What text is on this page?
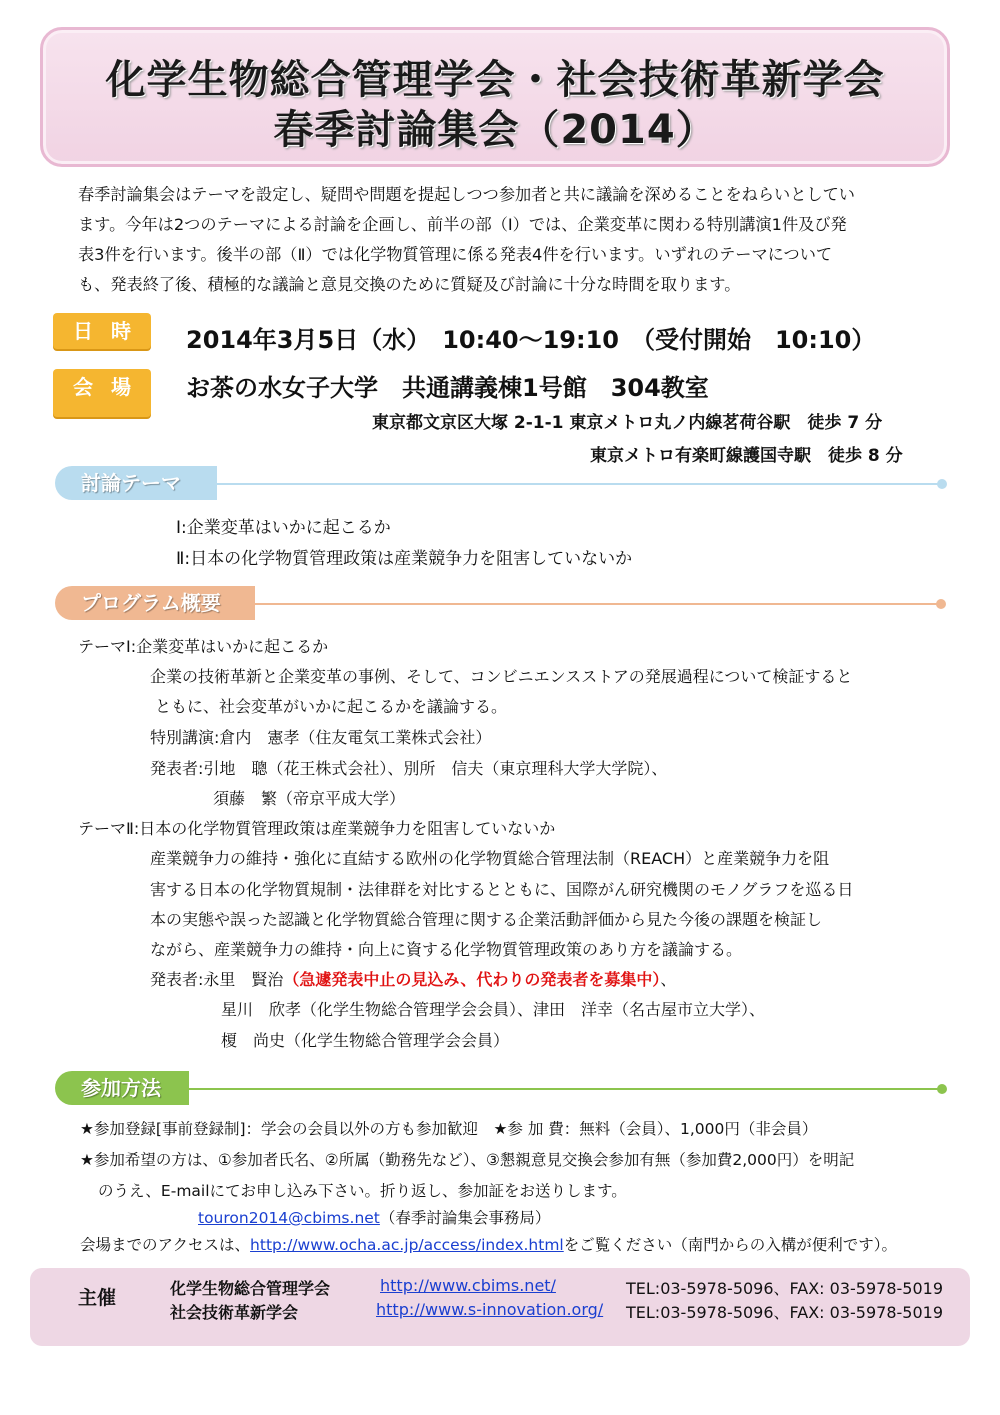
化学生物総合管理学会・社会技術革新学会
春季討論集会（2014）
春季討論集会はテーマを設定し、疑問や問題を提起しつつ参加者と共に議論を深めることをねらいとしてい
ます。今年は2つのテーマによる討論を企画し、前半の部（Ⅰ）では、企業変革に関わる特別講演1件及び発
表3件を行います。後半の部（Ⅱ）では化学物質管理に係る発表4件を行います。いずれのテーマについて
も、発表終了後、積極的な議論と意見交換のために質疑及び討論に十分な時間を取ります。
日時 2014年3月5日（水）　10:40～19:10　（受付開始　10:10）
会場 お茶の水女子大学　共通講義棟1号館　304教室
東京都文京区大塚 2-1-1 東京メトロ丸ノ内線茗荷谷駅　徒歩 7 分
東京メトロ有楽町線護国寺駅　徒歩 8 分
討論テーマ
Ⅰ:企業変革はいかに起こるか
Ⅱ:日本の化学物質管理政策は産業競争力を阻害していないか
プログラム概要
テーマⅠ:企業変革はいかに起こるか
企業の技術革新と企業変革の事例、そして、コンビニエンスストアの発展過程について検証すると
ともに、社会変革がいかに起こるかを議論する。
特別講演:倉内　憲孝（住友電気工業株式会社）
発表者:引地　聰（花王株式会社）、別所　信夫（東京理科大学大学院）、
須藤　繁（帝京平成大学）
テーマⅡ:日本の化学物質管理政策は産業競争力を阻害していないか
産業競争力の維持・強化に直結する欧州の化学物質総合管理法制（REACH）と産業競争力を阻
害する日本の化学物質規制・法律群を対比するとともに、国際がん研究機関のモノグラフを巡る日
本の実態や誤った認識と化学物質総合管理に関する企業活動評価から見た今後の課題を検証し
ながら、産業競争力の維持・向上に資する化学物質管理政策のあり方を議論する。
発表者:永里　賢治（急遽発表中止の見込み、代わりの発表者を募集中）、
星川　欣孝（化学生物総合管理学会会員）、津田　洋幸（名古屋市立大学）、
榎　尚史（化学生物総合管理学会会員）
参加方法
★参加登録[事前登録制]：学会の会員以外の方も参加歓迎　★参 加 費：無料（会員）、1,000円（非会員）
★参加希望の方は、①参加者氏名、②所属（勤務先など）、③懇親意見交換会参加有無（参加費2,000円）を明記
のうえ、E-mailにてお申し込み下さい。折り返し、参加証をお送りします。
touron2014@cbims.net（春季討論集会事務局）
会場までのアクセスは、http://www.ocha.ac.jp/access/index.htmlをご覧ください（南門からの入構が便利です）。
主催	化学生物総合管理学会	http://www.cbims.net/	TEL:03-5978-5096、FAX: 03-5978-5019
社会技術革新学会	http://www.s-innovation.org/ TEL:03-5978-5096、FAX: 03-5978-5019
